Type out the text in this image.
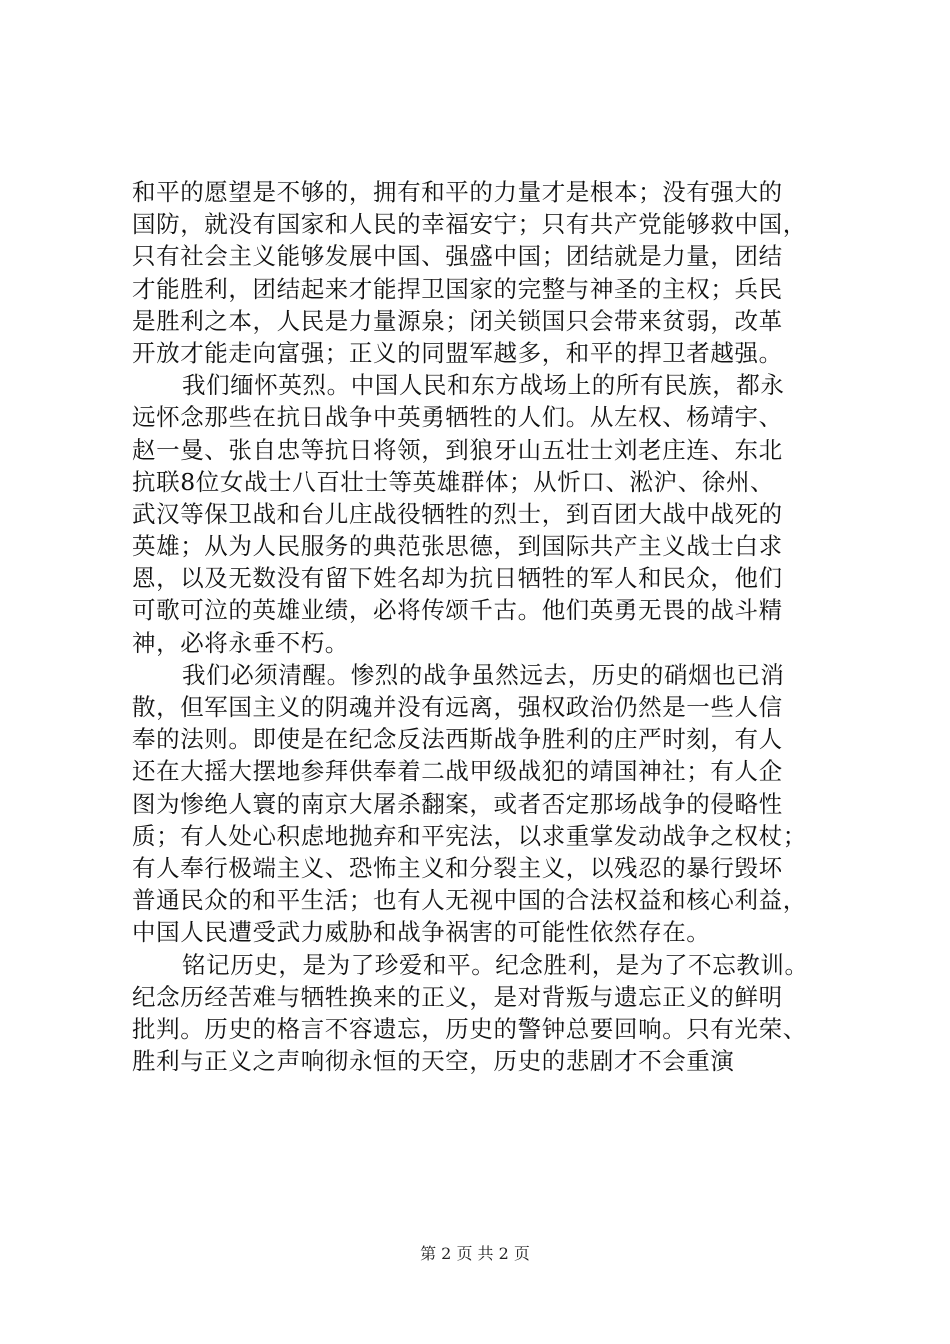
和平的愿望是不够的，拥有和平的力量才是根本；没有强大的
国防，就没有国家和人民的幸福安宁；只有共产党能够救中国，
只有社会主义能够发展中国、强盛中国；团结就是力量，团结
才能胜利，团结起来才能捍卫国家的完整与神圣的主权；兵民
是胜利之本，人民是力量源泉；闭关锁国只会带来贫弱，改革
开放才能走向富强；正义的同盟军越多，和平的捍卫者越强。
我们缅怀英烈。中国人民和东方战场上的所有民族，都永
远怀念那些在抗日战争中英勇牺牲的人们。从左权、杨靖宇、
赵一曼、张自忠等抗日将领，到狼牙山五壮士刘老庄连、东北
抗联8位女战士八百壮士等英雄群体；从忻口、淞沪、徐州、
武汉等保卫战和台儿庄战役牺牲的烈士，到百团大战中战死的
英雄；从为人民服务的典范张思德，到国际共产主义战士白求
恩，以及无数没有留下姓名却为抗日牺牲的军人和民众，他们
可歌可泣的英雄业绩，必将传颂千古。他们英勇无畏的战斗精
神，必将永垂不朽。
我们必须清醒。惨烈的战争虽然远去，历史的硝烟也已消
散，但军国主义的阴魂并没有远离，强权政治仍然是一些人信
奉的法则。即使是在纪念反法西斯战争胜利的庄严时刻，有人
还在大摇大摆地参拜供奉着二战甲级战犯的靖国神社；有人企
图为惨绝人寰的南京大屠杀翻案，或者否定那场战争的侵略性
质；有人处心积虑地抛弃和平宪法，以求重掌发动战争之权杖；
有人奉行极端主义、恐怖主义和分裂主义，以残忍的暴行毁坏
普通民众的和平生活；也有人无视中国的合法权益和核心利益，
中国人民遭受武力威胁和战争祸害的可能性依然存在。
铭记历史，是为了珍爱和平。纪念胜利，是为了不忘教训。
纪念历经苦难与牺牲换来的正义，是对背叛与遗忘正义的鲜明
批判。历史的格言不容遗忘，历史的警钟总要回响。只有光荣、
胜利与正义之声响彻永恒的天空，历史的悲剧才不会重演
第 2 页 共 2 页
